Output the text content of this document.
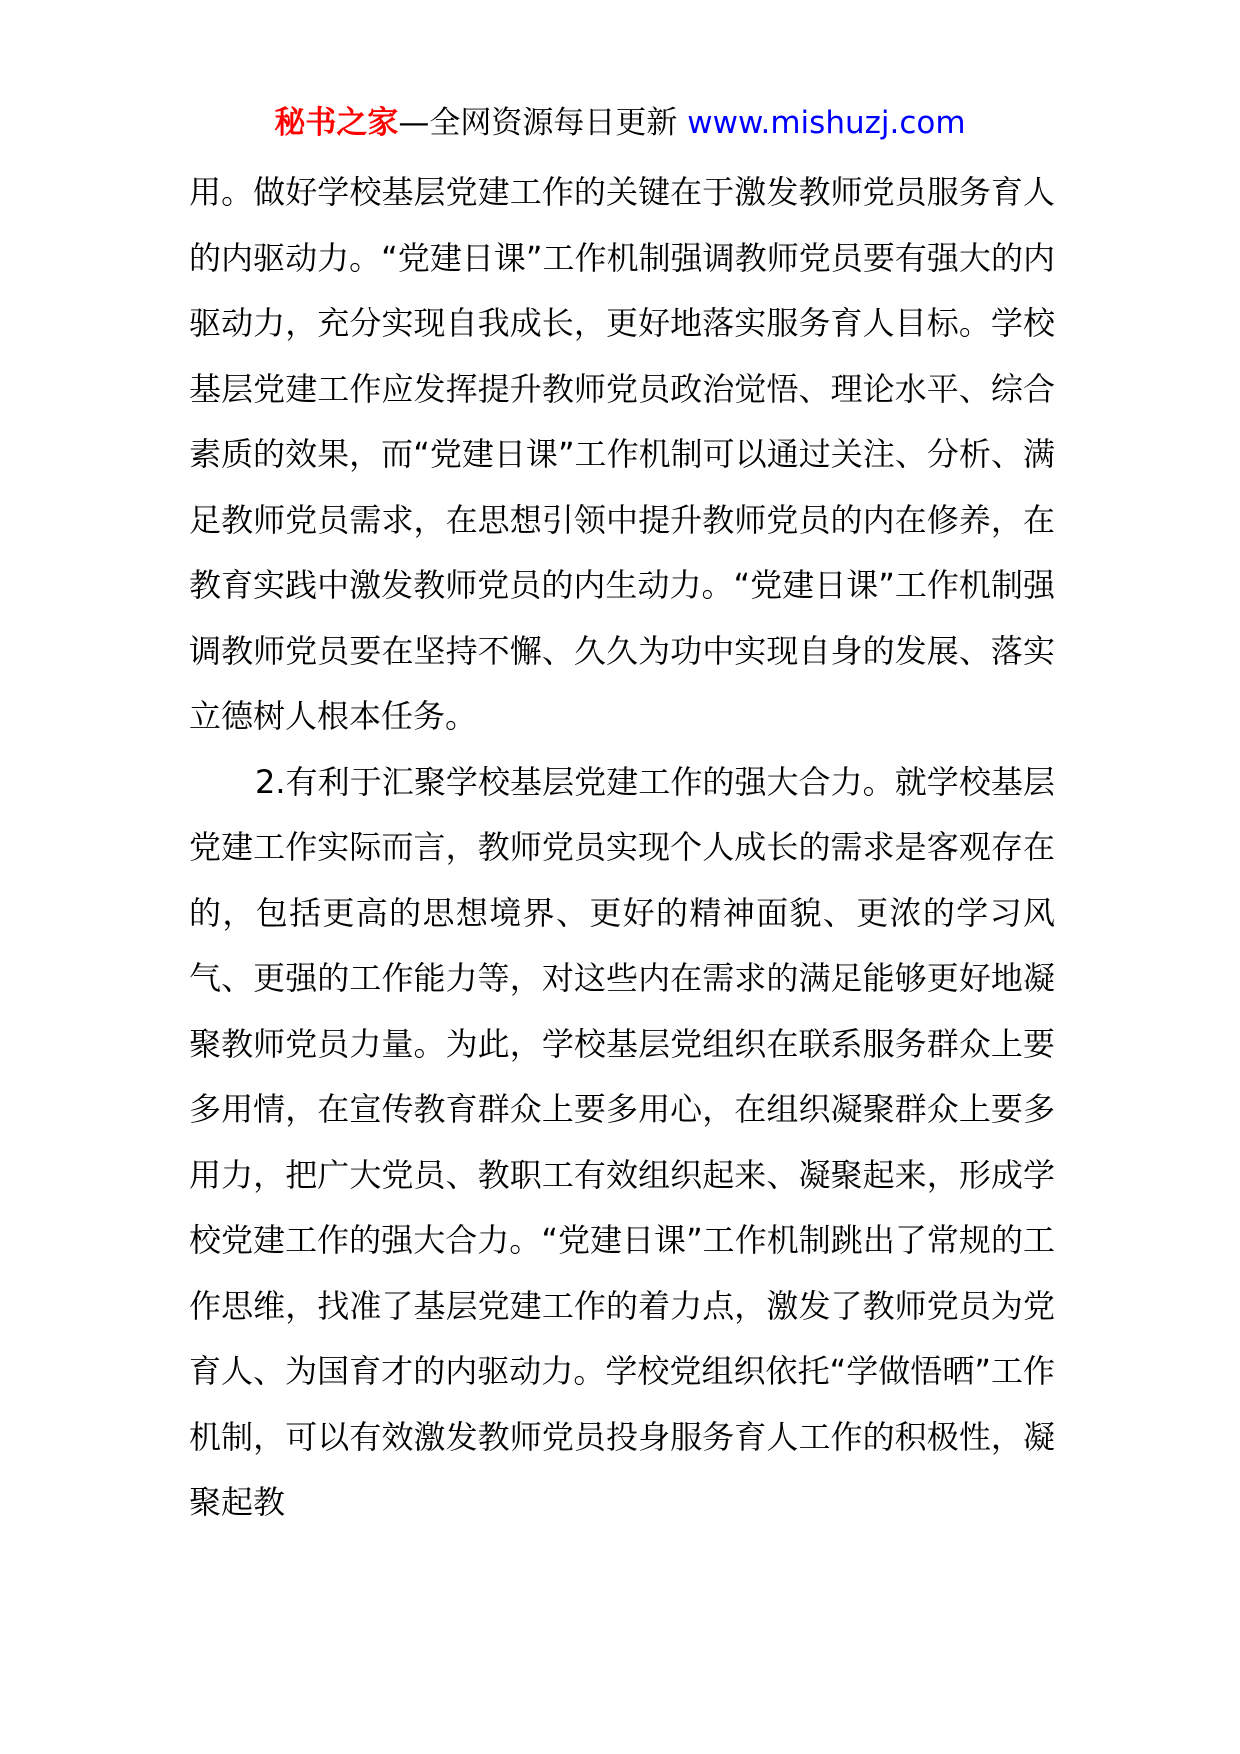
秘书之家—全网资源每日更新 www.mishuzj.com

用。做好学校基层党建工作的关键在于激发教师党员服务育人的内驱动力。“党建日课”工作机制强调教师党员要有强大的内驱动力，充分实现自我成长，更好地落实服务育人目标。学校基层党建工作应发挥提升教师党员政治觉悟、理论水平、综合素质的效果，而“党建日课”工作机制可以通过关注、分析、满足教师党员需求，在思想引领中提升教师党员的内在修养，在教育实践中激发教师党员的内生动力。“党建日课”工作机制强调教师党员要在坚持不懈、久久为功中实现自身的发展、落实立德树人根本任务。

2.有利于汇聚学校基层党建工作的强大合力。就学校基层党建工作实际而言，教师党员实现个人成长的需求是客观存在的，包括更高的思想境界、更好的精神面貌、更浓的学习风气、更强的工作能力等，对这些内在需求的满足能够更好地凝聚教师党员力量。为此，学校基层党组织在联系服务群众上要多用情，在宣传教育群众上要多用心，在组织凝聚群众上要多用力，把广大党员、教职工有效组织起来、凝聚起来，形成学校党建工作的强大合力。“党建日课”工作机制跳出了常规的工作思维，找准了基层党建工作的着力点，激发了教师党员为党育人、为国育才的内驱动力。学校党组织依托“学做悟晒”工作机制，可以有效激发教师党员投身服务育人工作的积极性，凝聚起教
